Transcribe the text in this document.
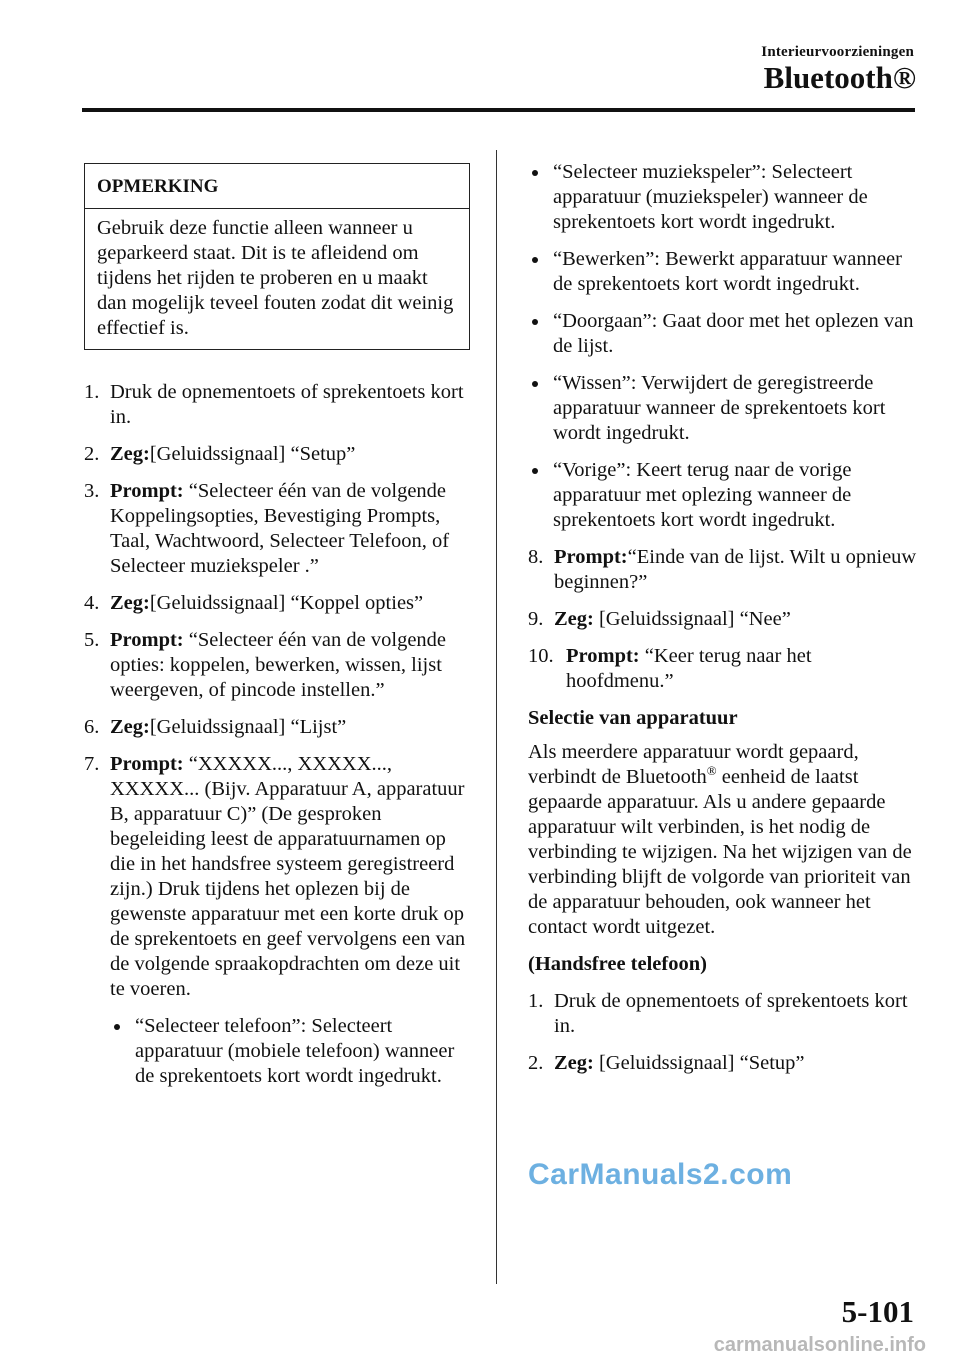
Interieurvoorzieningen
Bluetooth®
OPMERKING
Gebruik deze functie alleen wanneer u geparkeerd staat. Dit is te afleidend om tijdens het rijden te proberen en u maakt dan mogelijk teveel fouten zodat dit weinig effectief is.
1. Druk de opnementoets of sprekentoets kort in.
2. Zeg:[Geluidssignaal] “Setup”
3. Prompt: “Selecteer één van de volgende Koppelingsopties, Bevestiging Prompts, Taal, Wachtwoord, Selecteer Telefoon, of Selecteer muziekspeler .”
4. Zeg:[Geluidssignaal] “Koppel opties”
5. Prompt: “Selecteer één van de volgende opties: koppelen, bewerken, wissen, lijst weergeven, of pincode instellen.”
6. Zeg:[Geluidssignaal] “Lijst”
7. Prompt: “XXXXX..., XXXXX..., XXXXX... (Bijv. Apparatuur A, apparatuur B, apparatuur C)” (De gesproken begeleiding leest de apparatuurnamen op die in het handsfree systeem geregistreerd zijn.) Druk tijdens het oplezen bij de gewenste apparatuur met een korte druk op de sprekentoets en geef vervolgens een van de volgende spraakopdrachten om deze uit te voeren.
“Selecteer telefoon”: Selecteert apparatuur (mobiele telefoon) wanneer de sprekentoets kort wordt ingedrukt.
“Selecteer muziekspeler”: Selecteert apparatuur (muziekspeler) wanneer de sprekentoets kort wordt ingedrukt.
“Bewerken”: Bewerkt apparatuur wanneer de sprekentoets kort wordt ingedrukt.
“Doorgaan”: Gaat door met het oplezen van de lijst.
“Wissen”: Verwijdert de geregistreerde apparatuur wanneer de sprekentoets kort wordt ingedrukt.
“Vorige”: Keert terug naar de vorige apparatuur met oplezing wanneer de sprekentoets kort wordt ingedrukt.
8. Prompt:“Einde van de lijst. Wilt u opnieuw beginnen?”
9. Zeg: [Geluidssignaal] “Nee”
10. Prompt: “Keer terug naar het hoofdmenu.”
Selectie van apparatuur
Als meerdere apparatuur wordt gepaard, verbindt de Bluetooth® eenheid de laatst gepaarde apparatuur. Als u andere gepaarde apparatuur wilt verbinden, is het nodig de verbinding te wijzigen. Na het wijzigen van de verbinding blijft de volgorde van prioriteit van de apparatuur behouden, ook wanneer het contact wordt uitgezet.
(Handsfree telefoon)
1. Druk de opnementoets of sprekentoets kort in.
2. Zeg: [Geluidssignaal] “Setup”
CarManuals2.com
5-101
carmanualsonline.info
